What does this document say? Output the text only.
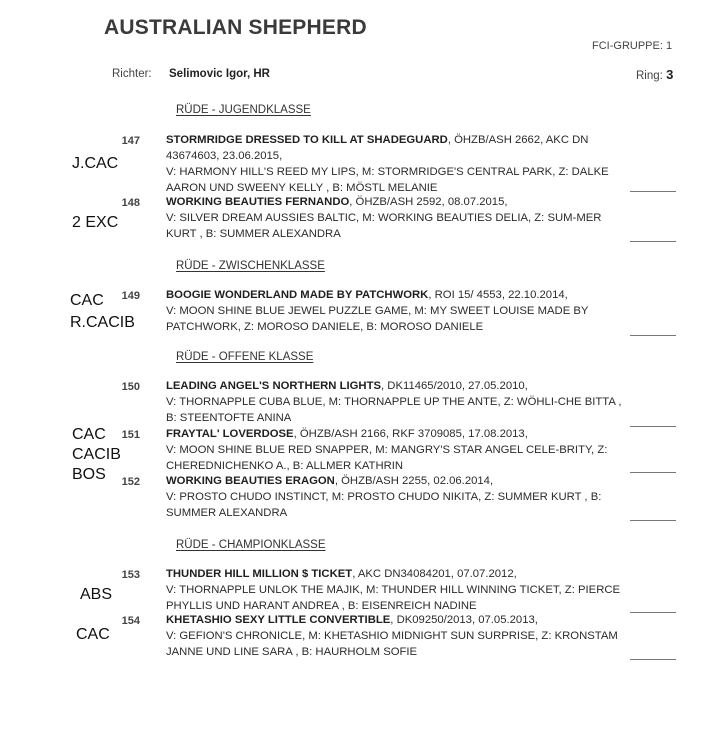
AUSTRALIAN SHEPHERD
FCI-GRUPPE: 1
Richter: Selimovic Igor, HR	Ring: 3
RÜDE - JUGENDKLASSE
RÜDE - ZWISCHENKLASSE
RÜDE - OFFENE KLASSE
RÜDE - CHAMPIONKLASSE
147 STORMRIDGE DRESSED TO KILL AT SHADEGUARD, ÖHZB/ASH 2662, AKC DN 43674603, 23.06.2015,
V: HARMONY HILL'S REED MY LIPS, M: STORMRIDGE'S CENTRAL PARK, Z: DALKE AARON UND SWEENY KELLY , B: MÖSTL MELANIE
J.CAC
148 WORKING BEAUTIES FERNANDO, ÖHZB/ASH 2592, 08.07.2015,
V: SILVER DREAM AUSSIES BALTIC, M: WORKING BEAUTIES DELIA, Z: SUM-MER KURT , B: SUMMER ALEXANDRA
2 EXC
149 BOOGIE WONDERLAND MADE BY PATCHWORK, ROI 15/ 4553, 22.10.2014,
V: MOON SHINE BLUE JEWEL PUZZLE GAME, M: MY SWEET LOUISE MADE BY PATCHWORK, Z: MOROSO DANIELE, B: MOROSO DANIELE
CAC
R.CACIB
150 LEADING ANGEL'S NORTHERN LIGHTS, DK11465/2010, 27.05.2010,
V: THORNAPPLE CUBA BLUE, M: THORNAPPLE UP THE ANTE, Z: WÖHLI-CHE BITTA , B: STEENTOFTE ANINA
151 FRAYTAL' LOVERDOSE, ÖHZB/ASH 2166, RKF 3709085, 17.08.2013,
V: MOON SHINE BLUE RED SNAPPER, M: MANGRY'S STAR ANGEL CELE-BRITY, Z: CHEREDNICHENKO A., B: ALLMER KATHRIN
CAC
CACIB
BOS	152 WORKING BEAUTIES ERAGON, ÖHZB/ASH 2255, 02.06.2014,
V: PROSTO CHUDO INSTINCT, M: PROSTO CHUDO NIKITA, Z: SUMMER KURT , B: SUMMER ALEXANDRA
153 THUNDER HILL MILLION $ TICKET, AKC DN34084201, 07.07.2012,
V: THORNAPPLE UNLOK THE MAJIK, M: THUNDER HILL WINNING TICKET, Z: PIERCE PHYLLIS UND HARANT ANDREA , B: EISENREICH NADINE
ABS
154 KHETASHIO SEXY LITTLE CONVERTIBLE, DK09250/2013, 07.05.2013,
V: GEFION'S CHRONICLE, M: KHETASHIO MIDNIGHT SUN SURPRISE, Z: KRONSTAM JANNE UND LINE SARA , B: HAURHOLM SOFIE
CAC
